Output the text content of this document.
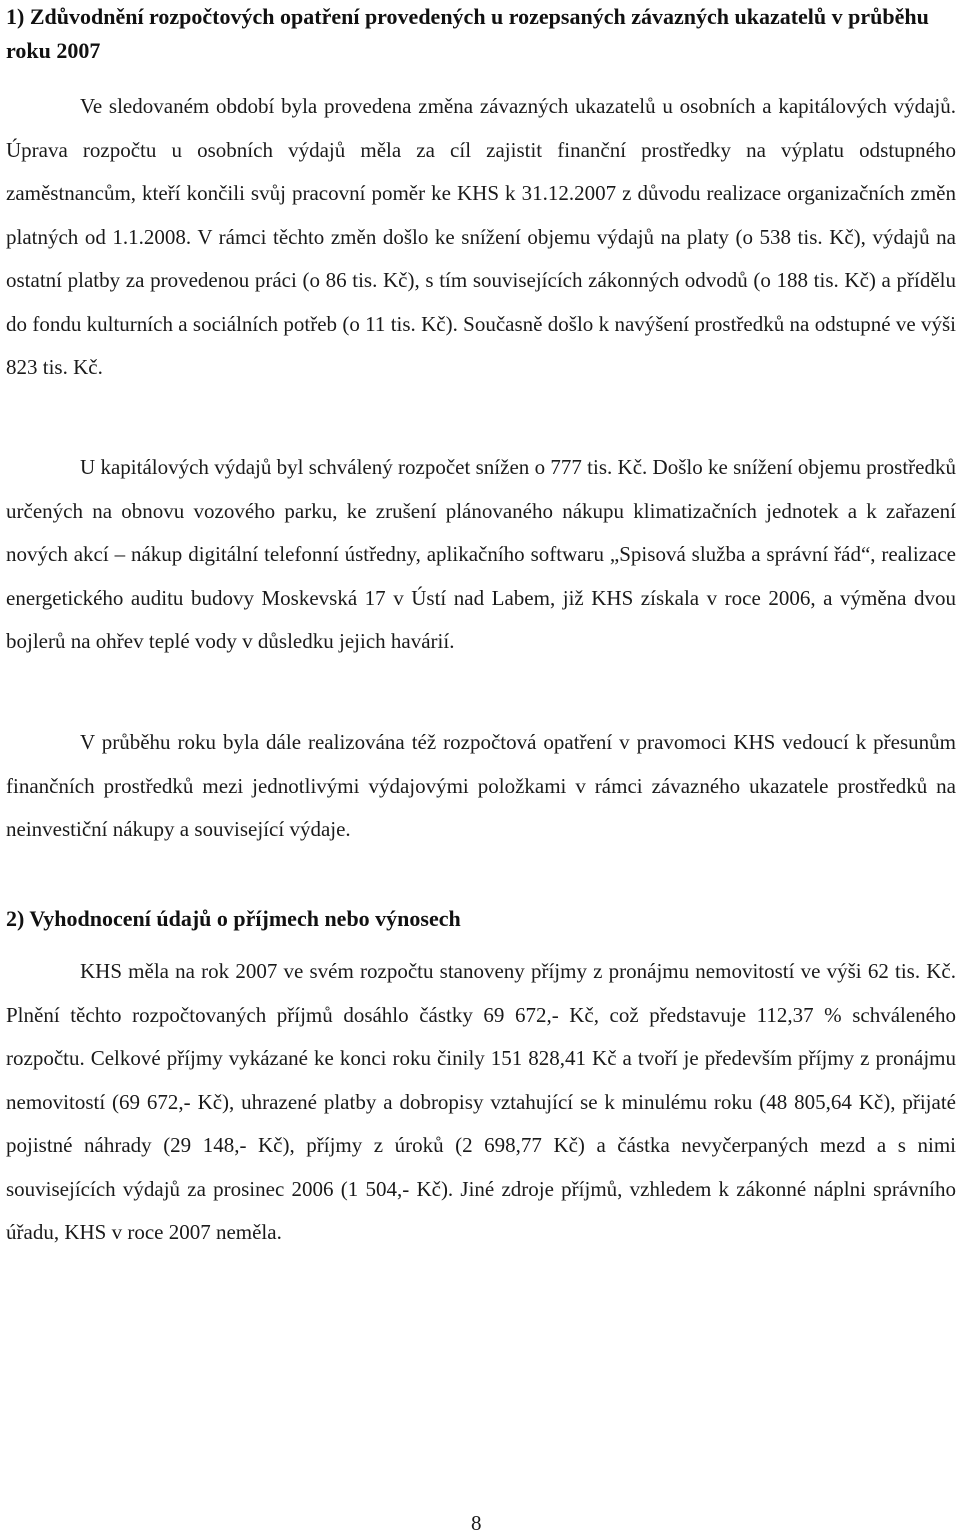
1) Zdůvodnění rozpočtových opatření provedených u rozepsaných závazných ukazatelů v průběhu roku 2007

Ve sledovaném období byla provedena změna závazných ukazatelů u osobních a kapitálových výdajů. Úprava rozpočtu u osobních výdajů měla za cíl zajistit finanční prostředky na výplatu odstupného zaměstnancům, kteří končili svůj pracovní poměr ke KHS k 31.12.2007 z důvodu realizace organizačních změn platných od 1.1.2008. V rámci těchto změn došlo ke snížení objemu výdajů na platy (o 538 tis. Kč), výdajů na ostatní platby za provedenou práci (o 86 tis. Kč), s tím souvisejících zákonných odvodů (o 188 tis. Kč) a přídělu do fondu kulturních a sociálních potřeb (o 11 tis. Kč). Současně došlo k navýšení prostředků na odstupné ve výši 823 tis. Kč.

U kapitálových výdajů byl schválený rozpočet snížen o 777 tis. Kč. Došlo ke snížení objemu prostředků určených na obnovu vozového parku, ke zrušení plánovaného nákupu klimatizačních jednotek a k zařazení nových akcí – nákup digitální telefonní ústředny, aplikačního softwaru „Spisová služba a správní řád“, realizace energetického auditu budovy Moskevská 17 v Ústí nad Labem, již KHS získala v roce 2006, a výměna dvou bojlerů na ohřev teplé vody v důsledku jejich havárií.

V průběhu roku byla dále realizována též rozpočtová opatření v pravomoci KHS vedoucí k přesunům finančních prostředků mezi jednotlivými výdajovými položkami v rámci závazného ukazatele prostředků na neinvestiční nákupy a související výdaje.

2) Vyhodnocení údajů o příjmech nebo výnosech

KHS měla na rok 2007 ve svém rozpočtu stanoveny příjmy z pronájmu nemovitostí ve výši 62 tis. Kč. Plnění těchto rozpočtovaných příjmů dosáhlo částky 69 672,- Kč, což představuje 112,37 % schváleného rozpočtu. Celkové příjmy vykázané ke konci roku činily 151 828,41 Kč a tvoří je především příjmy z pronájmu nemovitostí (69 672,- Kč), uhrazené platby a dobropisy vztahující se k minulému roku (48 805,64 Kč), přijaté pojistné náhrady (29 148,- Kč), příjmy z úroků (2 698,77 Kč) a částka nevyčerpaných mezd a s nimi souvisejících výdajů za prosinec 2006 (1 504,- Kč). Jiné zdroje příjmů, vzhledem k zákonné náplni správního úřadu, KHS v roce 2007 neměla.

8
